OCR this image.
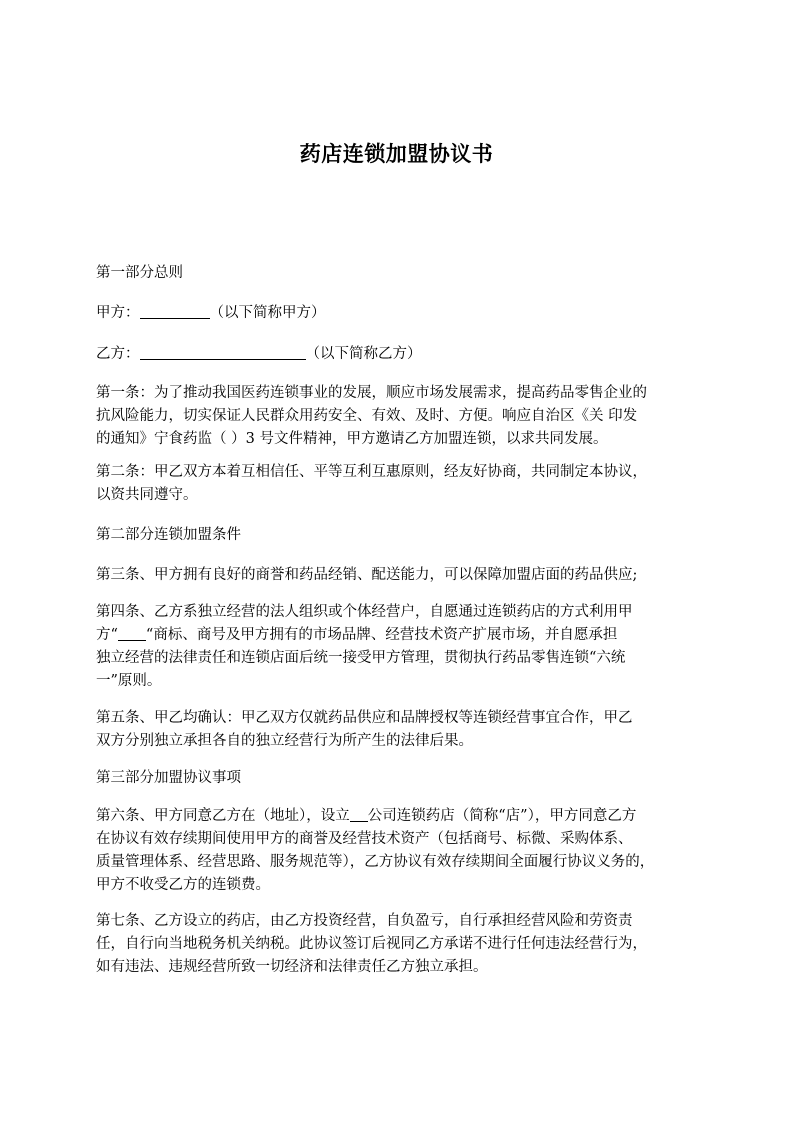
药店连锁加盟协议书
第一部分总则
甲方：	（以下简称甲方）
乙方：	（以下简称乙方）
第一条：为了推动我国医药连锁事业的发展，顺应市场发展需求，提高药品零售企业的
抗风险能力，切实保证人民群众用药安全、有效、及时、方便。响应自治区《关 印发
的通知》宁食药监（ ）3 号文件精神，甲方邀请乙方加盟连锁，以求共同发展。
第二条：甲乙双方本着互相信任、平等互利互惠原则，经友好协商，共同制定本协议，
以资共同遵守。
第二部分连锁加盟条件
第三条、甲方拥有良好的商誉和药品经销、配送能力，可以保障加盟店面的药品供应;
第四条、乙方系独立经营的法人组织或个体经营户，自愿通过连锁药店的方式利用甲
方“ “商标、商号及甲方拥有的市场品牌、经营技术资产扩展市场，并自愿承担
独立经营的法律责任和连锁店面后统一接受甲方管理，贯彻执行药品零售连锁“六统
一”原则。
第五条、甲乙均确认：甲乙双方仅就药品供应和品牌授权等连锁经营事宜合作，甲乙
双方分别独立承担各自的独立经营行为所产生的法律后果。
第三部分加盟协议事项
第六条、甲方同意乙方在（地址），设立 公司连锁药店（简称“店”），甲方同意乙方
在协议有效存续期间使用甲方的商誉及经营技术资产（包括商号、标微、采购体系、
质量管理体系、经营思路、服务规范等），乙方协议有效存续期间全面履行协议义务的，
甲方不收受乙方的连锁费。
第七条、乙方设立的药店，由乙方投资经营，自负盈亏，自行承担经营风险和劳资责
任，自行向当地税务机关纳税。此协议签订后视同乙方承诺不进行任何违法经营行为，
如有违法、违规经营所致一切经济和法律责任乙方独立承担。
